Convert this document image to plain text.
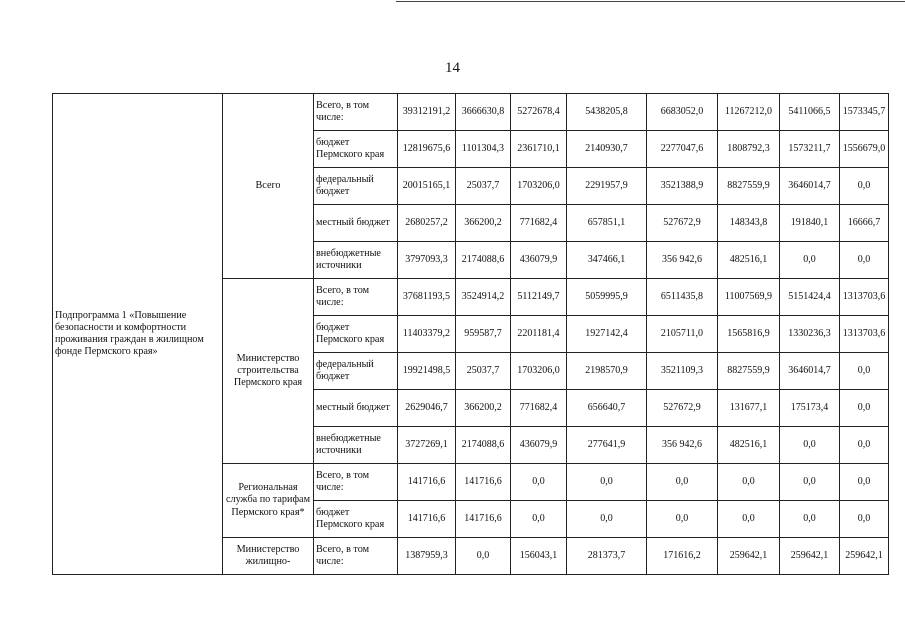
14
Подпрограмма 1 «Повышение безопасности и комфортности проживания граждан в жилищном фонде Пермского края»	Всего	Всего, в том числе:	39312191,2	3666630,8	5272678,4	5438205,8	6683052,0	11267212,0	5411066,5	1573345,7
		бюджет Пермского края	12819675,6	1101304,3	2361710,1	2140930,7	2277047,6	1808792,3	1573211,7	1556679,0
		федеральный бюджет	20015165,1	25037,7	1703206,0	2291957,9	3521388,9	8827559,9	3646014,7	0,0
		местный бюджет	2680257,2	366200,2	771682,4	657851,1	527672,9	148343,8	191840,1	16666,7
		внебюджетные источники	3797093,3	2174088,6	436079,9	347466,1	356 942,6	482516,1	0,0	0,0
	Министерство строительства Пермского края	Всего, в том числе:	37681193,5	3524914,2	5112149,7	5059995,9	6511435,8	11007569,9	5151424,4	1313703,6
		бюджет Пермского края	11403379,2	959587,7	2201181,4	1927142,4	2105711,0	1565816,9	1330236,3	1313703,6
		федеральный бюджет	19921498,5	25037,7	1703206,0	2198570,9	3521109,3	8827559,9	3646014,7	0,0
		местный бюджет	2629046,7	366200,2	771682,4	656640,7	527672,9	131677,1	175173,4	0,0
		внебюджетные источники	3727269,1	2174088,6	436079,9	277641,9	356 942,6	482516,1	0,0	0,0
	Региональная служба по тарифам Пермского края*	Всего, в том числе:	141716,6	141716,6	0,0	0,0	0,0	0,0	0,0	0,0
		бюджет Пермского края	141716,6	141716,6	0,0	0,0	0,0	0,0	0,0	0,0
	Министерство жилищно-	Всего, в том числе:	1387959,3	0,0	156043,1	281373,7	171616,2	259642,1	259642,1	259642,1
